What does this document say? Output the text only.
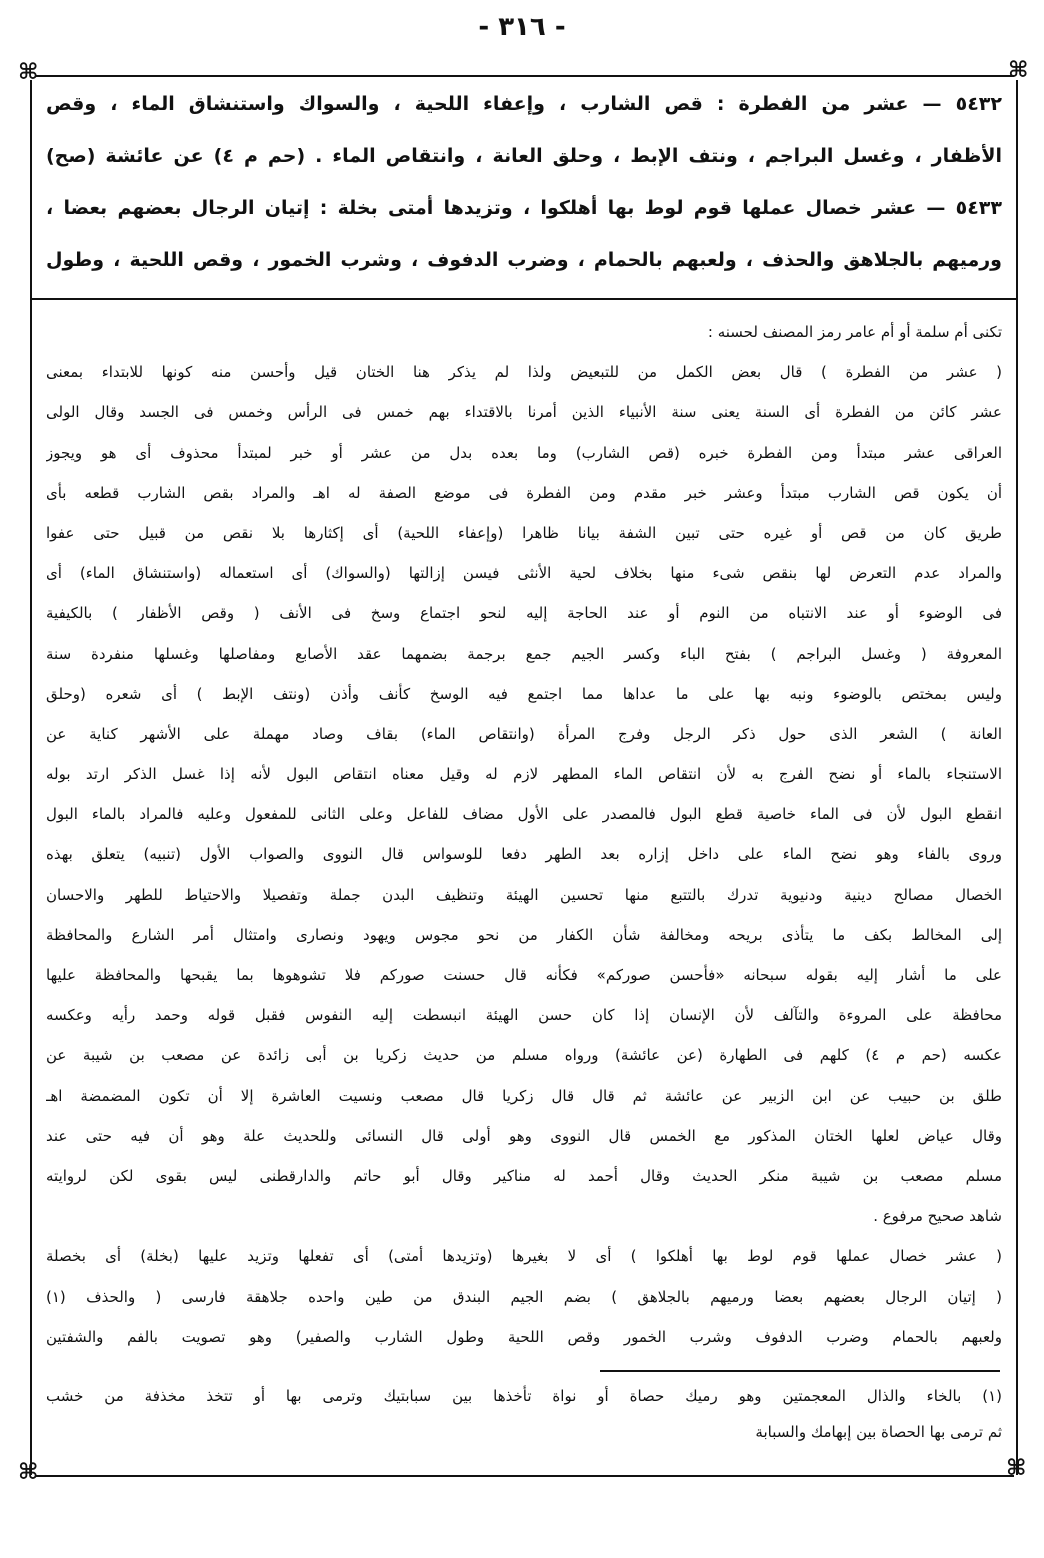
- ٣١٦ -
⌘
⌘
⌘	⌘
٥٤٣٢ — عشر من الفطرة : قص الشارب ، وإعفاء اللحية ، والسواك واستنشاق الماء ، وقص
الأظفار ، وغسل البراجم ، ونتف الإبط ، وحلق العانة ، وانتقاص الماء . (حم م ٤) عن عائشة (صح)
٥٤٣٣ — عشر خصال عملها قوم لوط بها أهلكوا ، وتزيدها أمتى بخلة : إتيان الرجال بعضهم بعضا ،
ورميهم بالجلاهق والحذف ، ولعبهم بالحمام ، وضرب الدفوف ، وشرب الخمور ، وقص اللحية ، وطول
تكنى أم سلمة أو أم عامر رمز المصنف لحسنه :
( عشر من الفطرة ) قال بعض الكمل من للتبعيض ولذا لم يذكر هنا الختان قيل وأحسن منه كونها للابتداء بمعنى
عشر كائن من الفطرة أى السنة يعنى سنة الأنبياء الذين أمرنا بالاقتداء بهم خمس فى الرأس وخمس فى الجسد وقال الولى
العراقى عشر مبتدأ ومن الفطرة خبره (قص الشارب) وما بعده بدل من عشر أو خبر لمبتدأ محذوف أى هو ويجوز
أن يكون قص الشارب مبتدأ وعشر خبر مقدم ومن الفطرة فى موضع الصفة له اهـ والمراد بقص الشارب قطعه بأى
طريق كان من قص أو غيره حتى تبين الشفة بيانا ظاهرا (وإعفاء اللحية) أى إكثارها بلا نقص من قبيل حتى عفوا
والمراد عدم التعرض لها بنقص شىء منها بخلاف لحية الأنثى فيسن إزالتها (والسواك) أى استعماله (واستنشاق الماء) أى
فى الوضوء أو عند الانتباه من النوم أو عند الحاجة إليه لنحو اجتماع وسخ فى الأنف ( وقص الأظفار ) بالكيفية
المعروفة ( وغسل البراجم ) بفتح الباء وكسر الجيم جمع برجمة بضمهما عقد الأصابع ومفاصلها وغسلها منفردة سنة
وليس بمختص بالوضوء ونبه بها على ما عداها مما اجتمع فيه الوسخ كأنف وأذن (ونتف الإبط ) أى شعره (وحلق
العانة ) الشعر الذى حول ذكر الرجل وفرج المرأة (وانتقاص الماء) بقاف وصاد مهملة على الأشهر كناية عن
الاستنجاء بالماء أو نضح الفرج به لأن انتقاص الماء المطهر لازم له وقيل معناه انتقاص البول لأنه إذا غسل الذكر ارتد بوله
انقطع البول لأن فى الماء خاصية قطع البول فالمصدر على الأول مضاف للفاعل وعلى الثانى للمفعول وعليه فالمراد بالماء البول
وروى بالفاء وهو نضح الماء على داخل إزاره بعد الطهر دفعا للوسواس قال النووى والصواب الأول (تنبيه) يتعلق بهذه
الخصال مصالح دينية ودنيوية تدرك بالتتبع منها تحسين الهيئة وتنظيف البدن جملة وتفصيلا والاحتياط للطهر والاحسان
إلى المخالط بكف ما يتأذى بريحه ومخالفة شأن الكفار من نحو مجوس ويهود ونصارى وامتثال أمر الشارع والمحافظة
على ما أشار إليه بقوله سبحانه «فأحسن صوركم» فكأنه قال حسنت صوركم فلا تشوهوها بما يقبحها والمحافظة عليها
محافظة على المروءة والتآلف لأن الإنسان إذا كان حسن الهيئة انبسطت إليه النفوس فقبل قوله وحمد رأيه وعكسه
عكسه (حم م ٤) كلهم فى الطهارة (عن عائشة) ورواه مسلم من حديث زكريا بن أبى زائدة عن مصعب بن شيبة عن
طلق بن حبيب عن ابن الزبير عن عائشة ثم قال قال زكريا قال مصعب ونسيت العاشرة إلا أن تكون المضمضة اهـ
وقال عياض لعلها الختان المذكور مع الخمس قال النووى وهو أولى قال النسائى وللحديث علة وهو أن فيه حتى عند
مسلم مصعب بن شيبة منكر الحديث وقال أحمد له مناكير وقال أبو حاتم والدارقطنى ليس بقوى لكن لروايته
شاهد صحيح مرفوع .
( عشر خصال عملها قوم لوط بها أهلكوا ) أى لا بغيرها (وتزيدها أمتى) أى تفعلها وتزيد عليها (بخلة) أى بخصلة
( إتيان الرجال بعضهم بعضا ورميهم بالجلاهق ) بضم الجيم البندق من طين واحده جلاهقة فارسى ( والحذف (١)
ولعبهم بالحمام وضرب الدفوف وشرب الخمور وقص اللحية وطول الشارب والصفير) وهو تصويت بالفم والشفتين
(١) بالخاء والذال المعجمتين وهو رميك حصاة أو نواة تأخذها بين سبابتيك وترمى بها أو تتخذ مخذفة من خشب
ثم ترمى بها الحصاة بين إبهامك والسبابة
